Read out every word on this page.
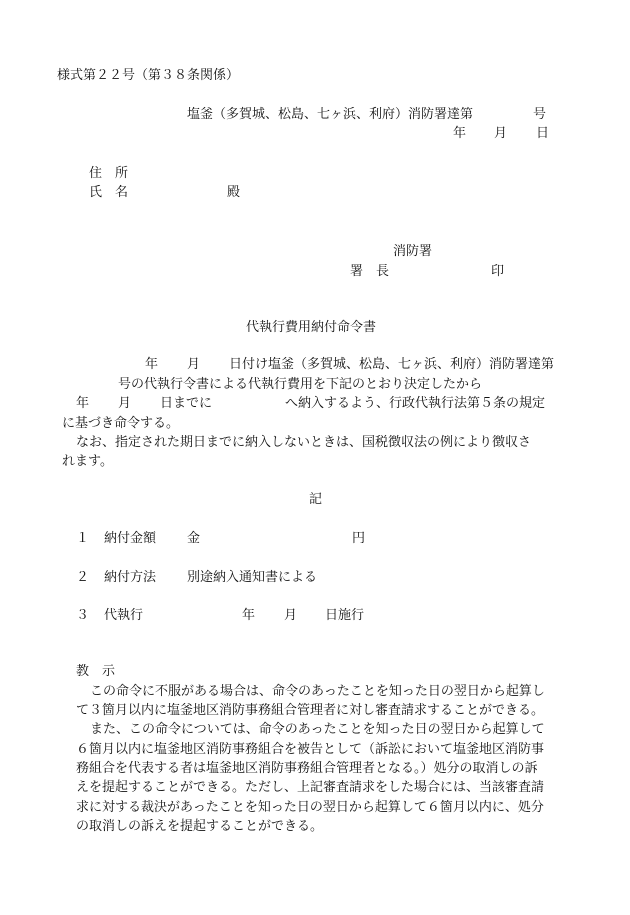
様式第２２号（第３８条関係）
塩釜（多賀城、松島、七ヶ浜、利府）消防署達第	号
年 月 日
住　所
氏　名	殿
消防署
署　長	印
代執行費用納付命令書
年 月 日付け塩釜（多賀城、松島、七ヶ浜、利府）消防署達第
号の代執行令書による代執行費用を下記のとおり決定したから
年 月 日までに	へ納入するよう、行政代執行法第５条の規定
に基づき命令する。
なお、指定された期日までに納入しないときは、国税徴収法の例により徴収さ
れます。
記
１ 納付金額 金	円
２ 納付方法 別途納入通知書による
３ 代執行	年 月 日施行
教　示
この命令に不服がある場合は、命令のあったことを知った日の翌日から起算し
て３箇月以内に塩釜地区消防事務組合管理者に対し審査請求することができる。
また、この命令については、命令のあったことを知った日の翌日から起算して
６箇月以内に塩釜地区消防事務組合を被告として（訴訟において塩釜地区消防事
務組合を代表する者は塩釜地区消防事務組合管理者となる。）処分の取消しの訴
えを提起することができる。ただし、上記審査請求をした場合には、当該審査請
求に対する裁決があったことを知った日の翌日から起算して６箇月以内に、処分
の取消しの訴えを提起することができる。
